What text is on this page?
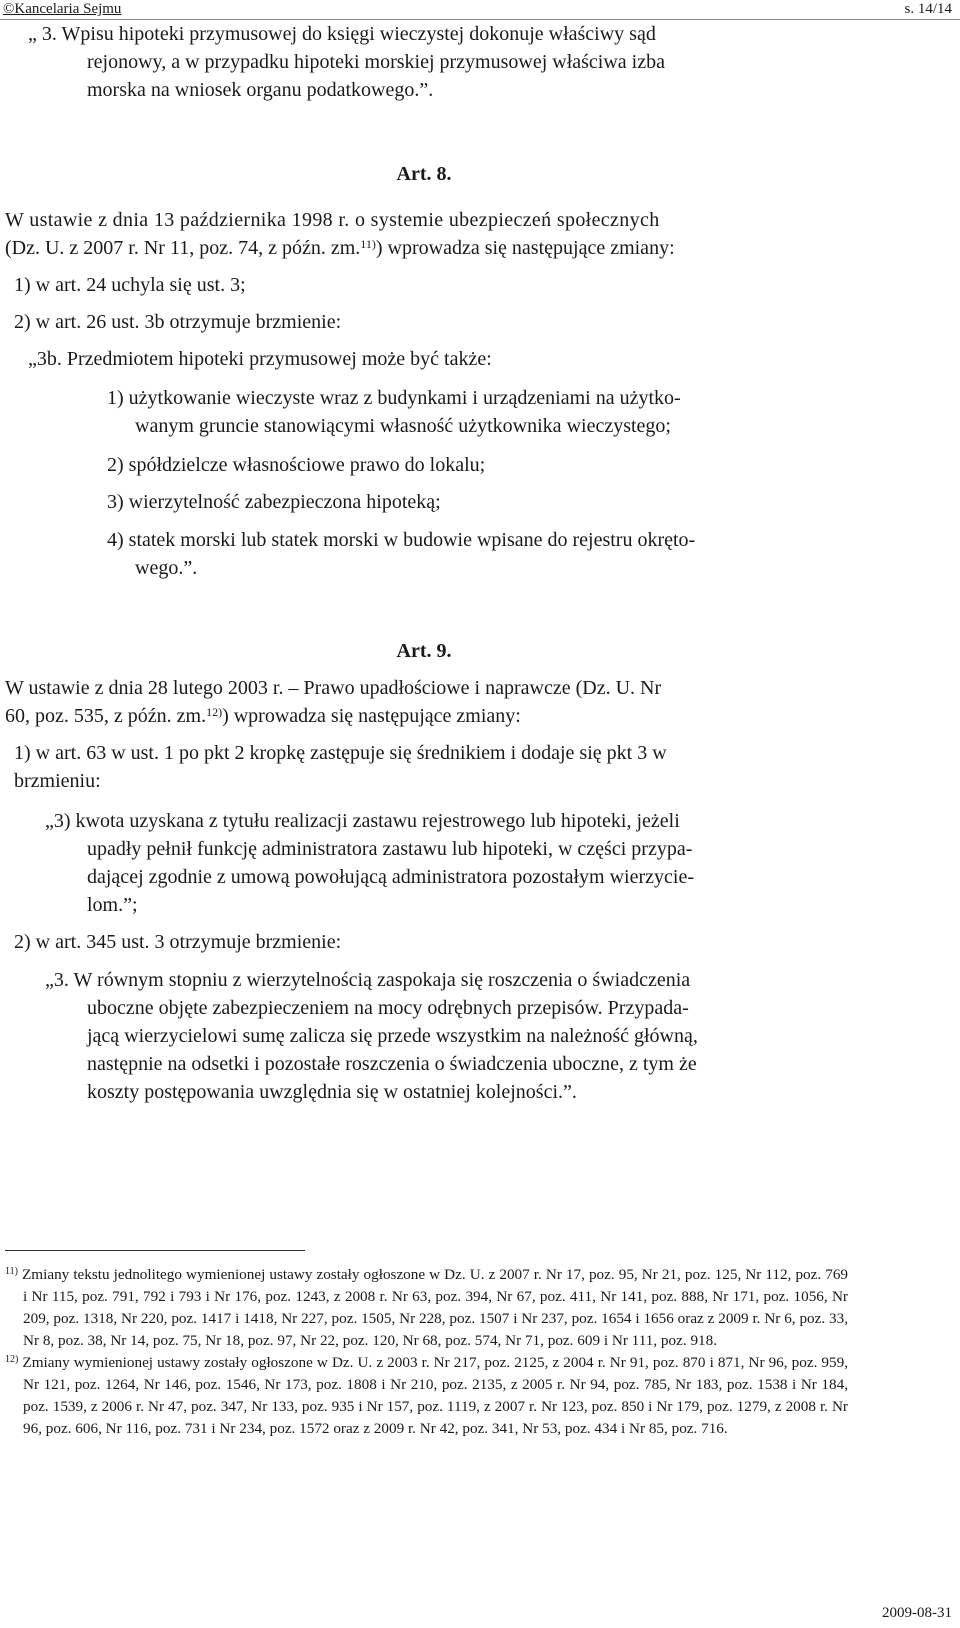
©Kancelaria Sejmu	s. 14/14

„ 3. Wpisu hipoteki przymusowej do księgi wieczystej dokonuje właściwy sąd

rejonowy, a w przypadku hipoteki morskiej przymusowej właściwa izba

morska na wniosek organu podatkowego.”.

Art. 8.

W ustawie z dnia 13 października 1998 r. o systemie ubezpieczeń społecznych

(Dz. U. z 2007 r. Nr 11, poz. 74, z późn. zm.$^{11)}$) wprowadza się następujące zmiany:

1) w art. 24 uchyla się ust. 3;

2) w art. 26 ust. 3b otrzymuje brzmienie:

„3b. Przedmiotem hipoteki przymusowej może być także:

1) użytkowanie wieczyste wraz z budynkami i urządzeniami na użytko-

wanym gruncie stanowiącymi własność użytkownika wieczystego;

2) spółdzielcze własnościowe prawo do lokalu;

3) wierzytelność zabezpieczona hipoteką;

4) statek morski lub statek morski w budowie wpisane do rejestru okręto-

wego.”.

Art. 9.

W ustawie z dnia 28 lutego 2003 r. – Prawo upadłościowe i naprawcze (Dz. U. Nr

60, poz. 535, z późn. zm.$^{12)}$) wprowadza się następujące zmiany:

1) w art. 63 w ust. 1 po pkt 2 kropkę zastępuje się średnikiem i dodaje się pkt 3 w

brzmieniu:

„3) kwota uzyskana z tytułu realizacji zastawu rejestrowego lub hipoteki, jeżeli

upadły pełnił funkcję administratora zastawu lub hipoteki, w części przypa-

dającej zgodnie z umową powołującą administratora pozostałym wierzycie-

lom.”;

2) w art. 345 ust. 3 otrzymuje brzmienie:

„3. W równym stopniu z wierzytelnością zaspokaja się roszczenia o świadczenia

uboczne objęte zabezpieczeniem na mocy odrębnych przepisów. Przypada-

jącą wierzycielowi sumę zalicza się przede wszystkim na należność główną,

następnie na odsetki i pozostałe roszczenia o świadczenia uboczne, z tym że

koszty postępowania uwzględnia się w ostatniej kolejności.”.

$^{11)}$ Zmiany tekstu jednolitego wymienionej ustawy zostały ogłoszone w Dz. U. z 2007 r. Nr 17, poz. 95, Nr 21, poz. 125, Nr 112, poz. 769 i Nr 115, poz. 791, 792 i 793 i Nr 176, poz. 1243, z 2008 r. Nr 63, poz. 394, Nr 67, poz. 411, Nr 141, poz. 888, Nr 171, poz. 1056, Nr 209, poz. 1318, Nr 220, poz. 1417 i 1418, Nr 227, poz. 1505, Nr 228, poz. 1507 i Nr 237, poz. 1654 i 1656 oraz z 2009 r. Nr 6, poz. 33, Nr 8, poz. 38, Nr 14, poz. 75, Nr 18, poz. 97, Nr 22, poz. 120, Nr 68, poz. 574, Nr 71, poz. 609 i Nr 111, poz. 918.

$^{12)}$ Zmiany wymienionej ustawy zostały ogłoszone w Dz. U. z 2003 r. Nr 217, poz. 2125, z 2004 r. Nr 91, poz. 870 i 871, Nr 96, poz. 959, Nr 121, poz. 1264, Nr 146, poz. 1546, Nr 173, poz. 1808 i Nr 210, poz. 2135, z 2005 r. Nr 94, poz. 785, Nr 183, poz. 1538 i Nr 184, poz. 1539, z 2006 r. Nr 47, poz. 347, Nr 133, poz. 935 i Nr 157, poz. 1119, z 2007 r. Nr 123, poz. 850 i Nr 179, poz. 1279, z 2008 r. Nr 96, poz. 606, Nr 116, poz. 731 i Nr 234, poz. 1572 oraz z 2009 r. Nr 42, poz. 341, Nr 53, poz. 434 i Nr 85, poz. 716.

2009-08-31
